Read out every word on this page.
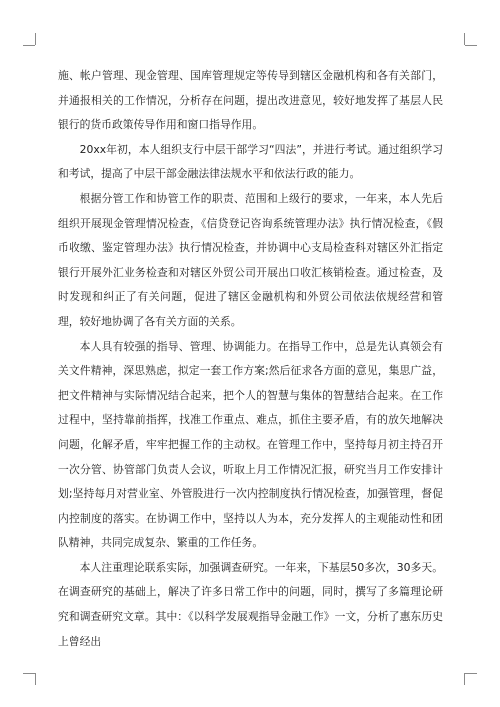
施、帐户管理、现金管理、国库管理规定等传导到辖区金融机构和各有关部门，并通报相关的工作情况，分析存在问题，提出改进意见，较好地发挥了基层人民银行的货币政策传导作用和窗口指导作用。

20xx年初，本人组织支行中层干部学习“四法”，并进行考试。通过组织学习和考试，提高了中层干部金融法律法规水平和依法行政的能力。

根据分管工作和协管工作的职责、范围和上级行的要求，一年来，本人先后组织开展现金管理情况检查，《信贷登记咨询系统管理办法》执行情况检查，《假币收缴、鉴定管理办法》执行情况检查，并协调中心支局检查科对辖区外汇指定银行开展外汇业务检查和对辖区外贸公司开展出口收汇核销检查。通过检查，及时发现和纠正了有关问题，促进了辖区金融机构和外贸公司依法依规经营和管理，较好地协调了各有关方面的关系。

本人具有较强的指导、管理、协调能力。在指导工作中，总是先认真领会有关文件精神，深思熟虑，拟定一套工作方案;然后征求各方面的意见，集思广益，把文件精神与实际情况结合起来，把个人的智慧与集体的智慧结合起来。在工作过程中，坚持靠前指挥，找准工作重点、难点，抓住主要矛盾，有的放矢地解决问题，化解矛盾，牢牢把握工作的主动权。在管理工作中，坚持每月初主持召开一次分管、协管部门负责人会议，听取上月工作情况汇报，研究当月工作安排计划;坚持每月对营业室、外管股进行一次内控制度执行情况检查，加强管理，督促内控制度的落实。在协调工作中，坚持以人为本，充分发挥人的主观能动性和团队精神，共同完成复杂、繁重的工作任务。

本人注重理论联系实际，加强调查研究。一年来，下基层50多次，30多天。在调查研究的基础上，解决了许多日常工作中的问题，同时，撰写了多篇理论研究和调查研究文章。其中：《以科学发展观指导金融工作》一文，分析了惠东历史上曾经出
